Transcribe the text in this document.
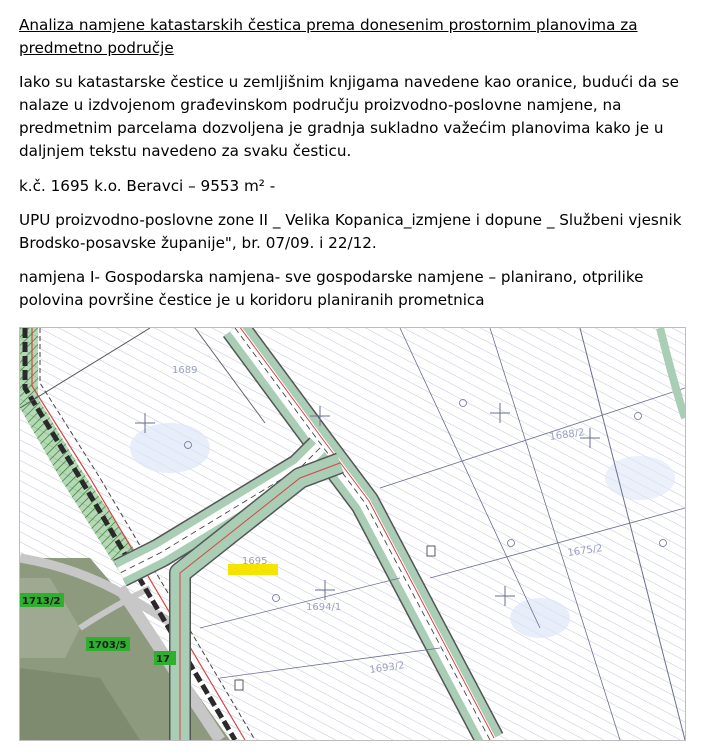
Analiza namjene katastarskih čestica prema donesenim prostornim planovima za predmetno područje

Iako su katastarske čestice u zemljišnim knjigama navedene kao oranice, budući da se nalaze u izdvojenom građevinskom području proizvodno-poslovne namjene, na predmetnim parcelama dozvoljena je gradnja sukladno važećim planovima kako je u daljnjem tekstu navedeno za svaku česticu.

k.č. 1695 k.o. Beravci – 9553 m² -

UPU proizvodno-poslovne zone II _ Velika Kopanica_izmjene i dopune _ Službeni vjesnik Brodsko-posavske županije", br. 07/09. i 22/12.

namjena I- Gospodarska namjena- sve gospodarske namjene – planirano, otprilike polovina površine čestice je u koridoru planiranih prometnica

1689
1688/2
1675/2
1695
1694/1
1693/2
1713/2
1703/5
17
